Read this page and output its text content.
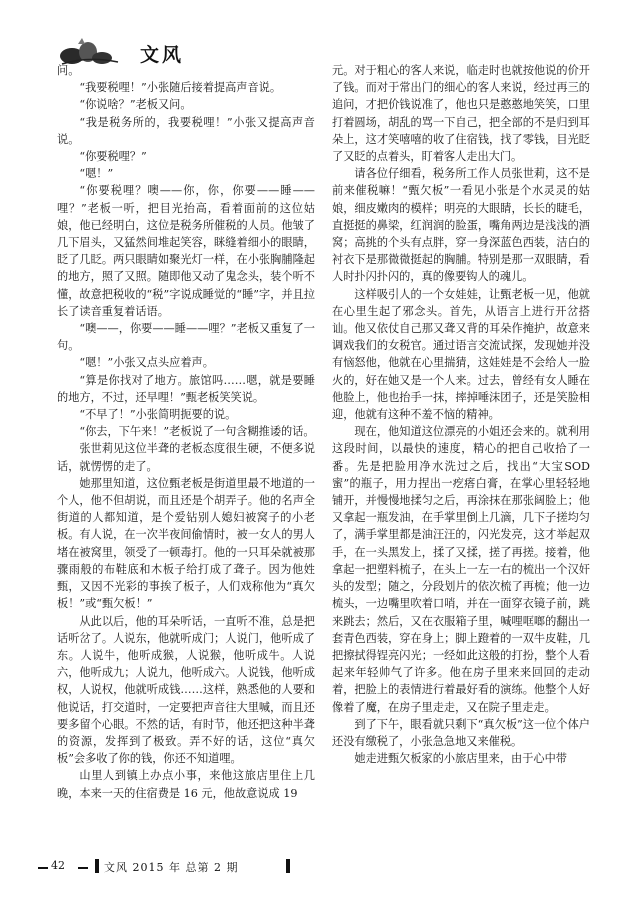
文风

问。

“我要税哩！”小张随后接着提高声音说。

“你说啥？”老板又问。

“我是税务所的，我要税哩！”小张又提高声音说。

“你要税哩？”

“嗯！”

“你要税哩？噢——你，你，你要——睡——哩？”老板一听，把目光抬高，看着面前的这位姑娘，他已经明白，这位是税务所催税的人员。他皱了几下眉头，又猛然间堆起笑容，眯缝着细小的眼睛，眨了几眨。两只眼睛如聚光灯一样，在小张胸脯隆起的地方，照了又照。随即他又动了鬼念头，装个听不懂，故意把税收的“税”字说成睡觉的“睡”字，并且拉长了读音重复着话语。

“噢——，你要——睡——哩？”老板又重复了一句。

“嗯！”小张又点头应着声。

“算是你找对了地方。旅馆吗……嗯，就是要睡的地方，不过，还早哩！”甄老板笑笑说。

“不早了！”小张简明扼要的说。

“你去，下午来！”老板说了一句含糊推诿的话。

张世莉见这位半聋的老板态度很生硬，不便多说话，就愣愣的走了。

她那里知道，这位甄老板是街道里最不地道的一个人，他不但胡说，而且还是个胡弄子。他的名声全街道的人都知道，是个爱钻别人媳妇被窝子的小老板。有人说，在一次半夜间偷情时，被一女人的男人堵在被窝里，领受了一顿毒打。他的一只耳朵就被那骤雨般的布鞋底和木板子给打成了聋子。因为他姓甄，又因不光彩的事挨了板子，人们戏称他为“真欠板！”或“甄欠板！”

从此以后，他的耳朵听话，一直听不准，总是把话听岔了。人说东，他就听成门；人说门，他听成了东。人说牛，他听成猴，人说猴，他听成牛。人说六，他听成九；人说九，他听成六。人说钱，他听成权，人说权，他就听成钱……这样，熟悉他的人要和他说话，打交道时，一定要把声音往大里喊，而且还要多留个心眼。不然的话，有时节，他还把这种半聋的资源，发挥到了极致。弄不好的话，这位“真欠板”会多收了你的钱，你还不知道哩。

山里人到镇上办点小事，来他这旅店里住上几晚，本来一天的住宿费是 16 元，他故意说成 19

元。对于粗心的客人来说，临走时也就按他说的价开了钱。而对于常出门的细心的客人来说，经过再三的追问，才把价钱说准了，他也只是憨憨地笑笑，口里打着圆场，胡乱的骂一下自己，把全部的不是归到耳朵上，这才笑嘻嘻的收了住宿钱，找了零钱，目光眨了又眨的点着头，盯着客人走出大门。

请各位仔细看，税务所工作人员张世莉，这不是前来催税嘛！“甄欠板”一看见小张是个水灵灵的姑娘，细皮嫩肉的模样；明亮的大眼睛，长长的睫毛，直挺挺的鼻梁，红润润的脸蛋，嘴角两边是浅浅的酒窝；高挑的个头有点胖，穿一身深蓝色西装，洁白的衬衣下是那微微挺起的胸脯。特别是那一双眼睛，看人时扑闪扑闪的，真的像要钩人的魂儿。

这样吸引人的一个女娃娃，让甄老板一见，他就在心里生起了邪念头。首先，从语言上进行开岔搭讪。他又依仗自己那又聋又背的耳朵作掩护，故意来调戏我们的女税官。通过语言交流试探，发现她并没有恼怒他，他就在心里揣猜，这娃娃是不会给人一脸火的，好在她又是一个人来。过去，曾经有女人睡在他脸上，他也抬手一抹，摔掉唾沫团子，还是笑脸相迎，他就有这种不羞不恼的精神。

现在，他知道这位漂亮的小姐还会来的。就利用这段时间，以最快的速度，精心的把自己收拾了一番。先是把脸用净水洗过之后，找出“大宝SOD蜜”的瓶子，用力捏出一疙瘩白膏，在掌心里轻轻地铺开，并慢慢地揉匀之后，再涂抹在那张阔脸上；他又拿起一瓶发油，在手掌里倒上几滴，几下子搓均匀了，满手掌里都是油汪汪的，闪光发亮，这才举起双手，在一头黑发上，揉了又揉，搓了再搓。接着，他拿起一把塑料梳子，在头上一左一右的梳出一个汉奸头的发型；随之，分段划片的依次梳了再梳；他一边梳头，一边嘴里吹着口哨，并在一面穿衣镜子前，跳来跳去；然后，又在衣服箱子里，喊哩哐啷的翻出一套青色西装，穿在身上；脚上蹬着的一双牛皮鞋，几把擦拭得锃亮闪光；一经如此这般的打扮，整个人看起来年轻帅气了许多。他在房子里来来回回的走动着，把脸上的表情进行着最好看的演练。他整个人好像着了魔，在房子里走走，又在院子里走走。

到了下午，眼看就只剩下“真欠板”这一位个体户还没有缴税了，小张急急地又来催税。

她走进甄欠板家的小旅店里来，由于心中带

42	文风 2015 年 总第 2 期
